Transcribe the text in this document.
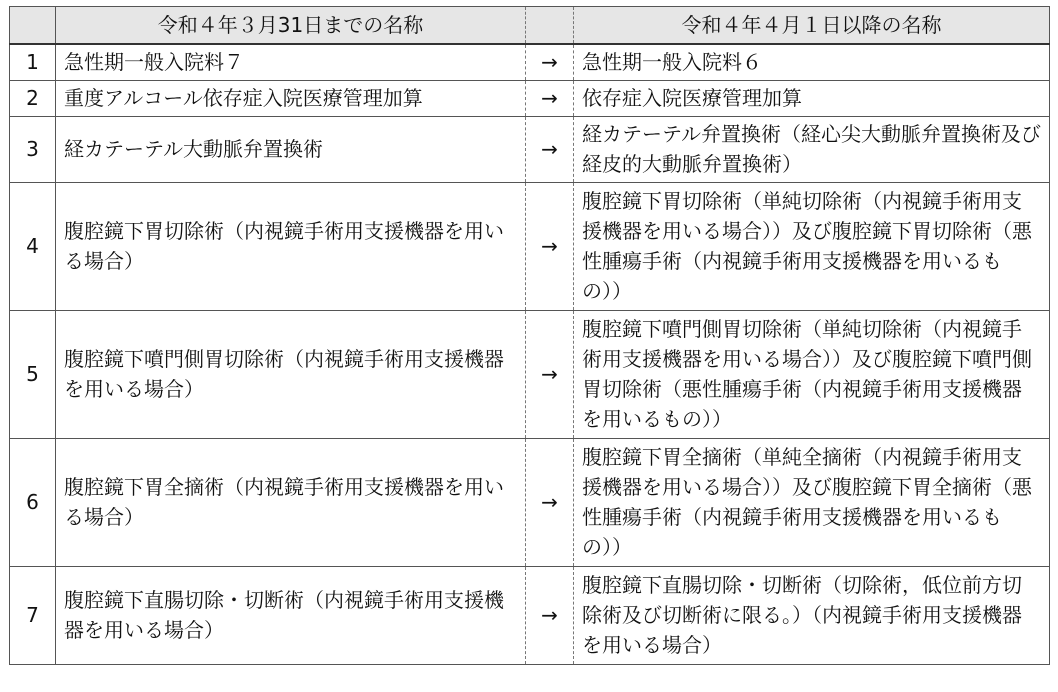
	令和４年３月31日までの名称		令和４年４月１日以降の名称
1	急性期一般入院料７	→	急性期一般入院料６
2	重度アルコール依存症入院医療管理加算	→	依存症入院医療管理加算
3	経カテーテル大動脈弁置換術	→	経カテーテル弁置換術（経心尖大動脈弁置換術及び経皮的大動脈弁置換術）
4	腹腔鏡下胃切除術（内視鏡手術用支援機器を用いる場合）	→	腹腔鏡下胃切除術（単純切除術（内視鏡手術用支援機器を用いる場合））及び腹腔鏡下胃切除術（悪性腫瘍手術（内視鏡手術用支援機器を用いるもの））
5	腹腔鏡下噴門側胃切除術（内視鏡手術用支援機器を用いる場合）	→	腹腔鏡下噴門側胃切除術（単純切除術（内視鏡手術用支援機器を用いる場合））及び腹腔鏡下噴門側胃切除術（悪性腫瘍手術（内視鏡手術用支援機器を用いるもの））
6	腹腔鏡下胃全摘術（内視鏡手術用支援機器を用いる場合）	→	腹腔鏡下胃全摘術（単純全摘術（内視鏡手術用支援機器を用いる場合））及び腹腔鏡下胃全摘術（悪性腫瘍手術（内視鏡手術用支援機器を用いるもの））
7	腹腔鏡下直腸切除・切断術（内視鏡手術用支援機器を用いる場合）	→	腹腔鏡下直腸切除・切断術（切除術，低位前方切除術及び切断術に限る。）（内視鏡手術用支援機器を用いる場合）
